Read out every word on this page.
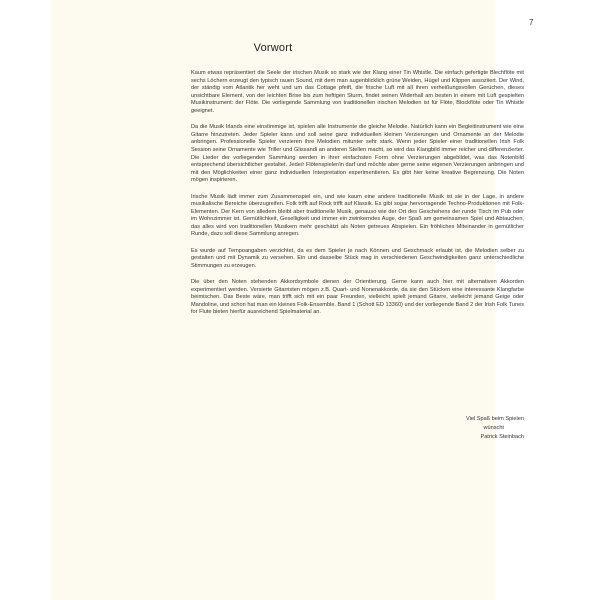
7
Vorwort

Kaum etwas repräsentiert die Seele der irischen Musik so stark wie der Klang einer Tin Whistle. Die einfach gefertigte Blechflöte mit sechs Löchern erzeugt den typisch rauen Sound, mit dem man augenblicklich grüne Weiden, Hügel und Klippen assoziiert. Der Wind, der ständig vom Atlantik her weht und um das Cottage pfeift, die frische Luft mit all ihren verheißungsvollen Gerüchen, dieses unsichtbare Element, von der leichten Brise bis zum heftigen Sturm, findet seinen Widerhall am besten in einem mit Luft gespielten Musikinstrument: der Flöte. Die vorliegende Sammlung von traditionellen irischen Melodien ist für Flöte, Blockflöte oder Tin Whistle geeignet.

Da die Musik Irlands eine einstimmige ist, spielen alle Instrumente die gleiche Melodie. Natürlich kann ein Begleitinstrument wie eine Gitarre hinzutreten. Jeder Spieler kann und soll seine ganz individuellen kleinen Verzierungen und Ornamente an der Melodie anbringen. Professionelle Spieler verzieren ihre Melodien mitunter sehr stark. Wenn jeder Spieler einer traditionellen Irish Folk Session seine Ornamente wie Triller und Glissandi an anderen Stellen macht, so wird das Klangbild immer reicher und differenzierter. Die Lieder der vorliegenden Sammlung werden in ihrer einfachsten Form ohne Verzierungen abgebildet, was das Notenbild entsprechend übersichtlicher gestaltet. Jede/r Flötenspieler/in darf und möchte aber gerne seine eigenen Verzierungen anbringen und mit den Möglichkeiten einer ganz individuellen Interpretation experimentieren. Es gibt hier keine kreative Begrenzung. Die Noten mögen inspirieren.

Irische Musik lädt immer zum Zusammenspiel ein, und wie kaum eine andere traditionelle Musik ist sie in der Lage, in andere musikalische Bereiche überzugreifen. Folk trifft auf Rock trifft auf Klassik. Es gibt sogar hervorragende Techno-Produktionen mit Folk-Elementen. Der Kern von alledem bleibt aber traditionelle Musik, genauso wie der Ort des Geschehens der runde Tisch im Pub oder im Wohnzimmer ist. Gemütlichkeit, Geselligkeit und immer ein zwinkerndes Auge, der Spaß am gemeinsamen Spiel und Abtauchen, das alles wird von traditionellen Musikern mehr geschätzt als Noten getreues Abspielen. Ein fröhliches Miteinander in gemütlicher Runde, dazu soll diese Sammlung anregen.

Es wurde auf Tempoangaben verzichtet, da es dem Spieler je nach Können und Geschmack erlaubt ist, die Melodien selber zu gestalten und mit Dynamik zu versehen. Ein und dasselbe Stück mag in verschiedenen Geschwindigkeiten ganz unterschiedliche Stimmungen zu erzeugen.

Die über den Noten stehenden Akkordsymbole dienen der Orientierung. Gerne kann auch hier mit alternativen Akkorden experimentiert werden. Versierte Gitarristen mögen z.B. Quart- und Nonenakkorde, da sie den Stücken eine interessante Klangfarbe beimischen. Das Beste wäre, man trifft sich mit ein paar Freunden, vielleicht spielt jemand Gitarre, vielleicht jemand Geige oder Mandoline, und schon hat man ein kleines Folk-Ensemble. Band 1 (Schott ED 13360) und der vorliegende Band 2 der Irish Folk Tunes for Flute bieten hierfür ausreichend Spielmaterial an.

Viel Spaß beim Spielen
wünscht
Patrick Steinbach
